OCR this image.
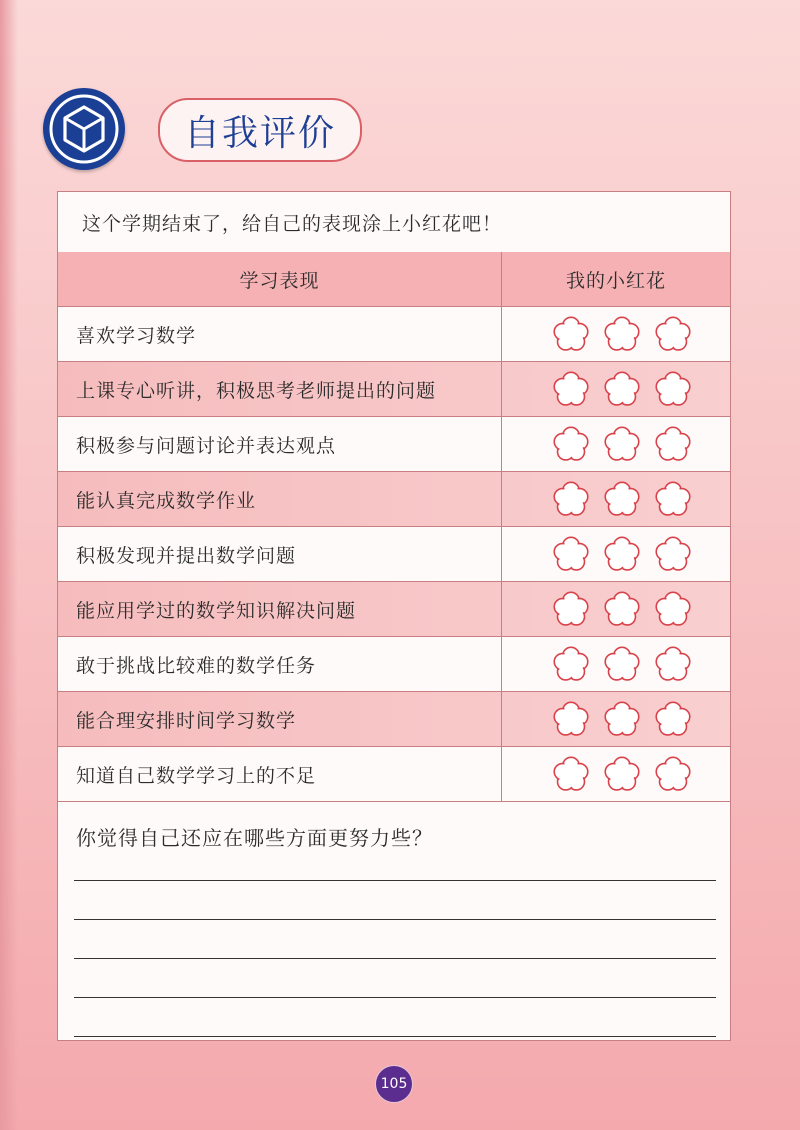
自我评价
这个学期结束了，给自己的表现涂上小红花吧！
学习表现	我的小红花
喜欢学习数学
上课专心听讲，积极思考老师提出的问题
积极参与问题讨论并表达观点
能认真完成数学作业
积极发现并提出数学问题
能应用学过的数学知识解决问题
敢于挑战比较难的数学任务
能合理安排时间学习数学
知道自己数学学习上的不足
你觉得自己还应在哪些方面更努力些？
105
